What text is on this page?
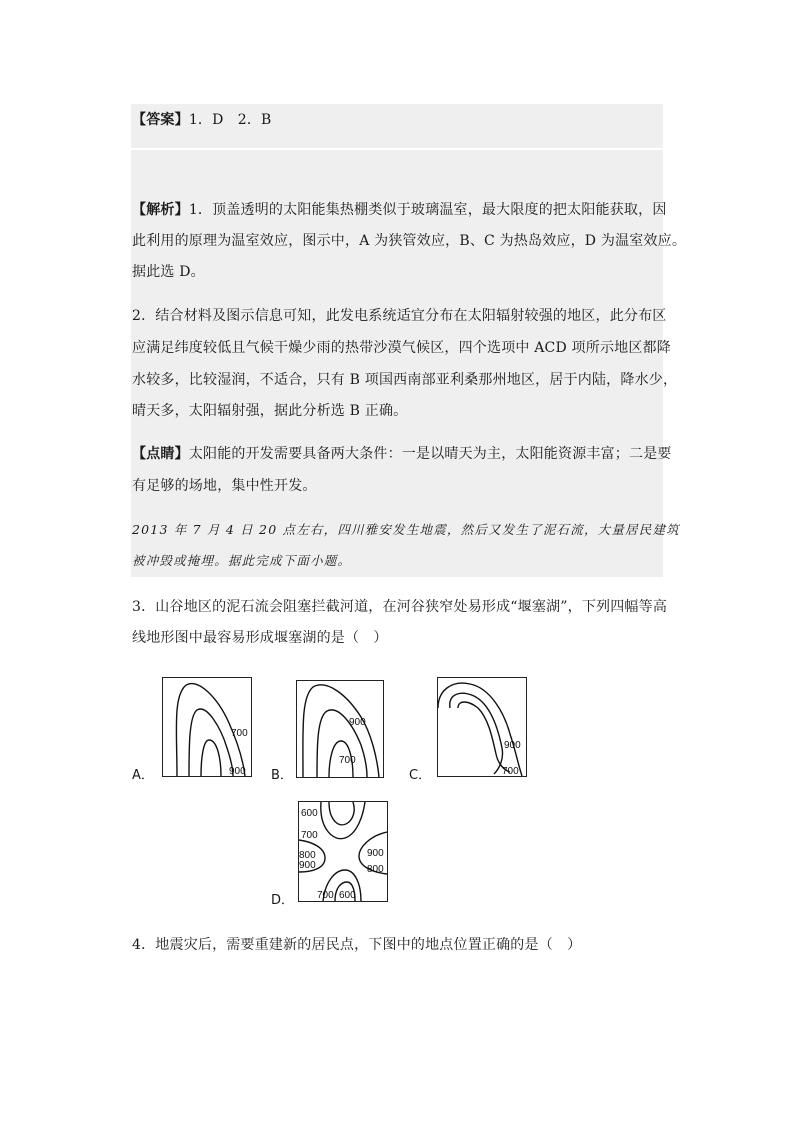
【答案】1．D　2．B
【解析】1．顶盖透明的太阳能集热棚类似于玻璃温室，最大限度的把太阳能获取，因
此利用的原理为温室效应，图示中，A 为狭管效应，B、C 为热岛效应，D 为温室效应。
据此选 D。
2．结合材料及图示信息可知，此发电系统适宜分布在太阳辐射较强的地区，此分布区
应满足纬度较低且气候干燥少雨的热带沙漠气候区，四个选项中 ACD 项所示地区都降
水较多，比较湿润，不适合，只有 B 项国西南部亚利桑那州地区，居于内陆，降水少，
晴天多，太阳辐射强，据此分析选 B 正确。
【点睛】太阳能的开发需要具备两大条件：一是以晴天为主，太阳能资源丰富；二是要
有足够的场地，集中性开发。
2013 年 7 月 4 日 20 点左右，四川雅安发生地震，然后又发生了泥石流，大量居民建筑
被冲毁或掩埋。据此完成下面小题。
3．山谷地区的泥石流会阻塞拦截河道，在河谷狭窄处易形成“堰塞湖”，下列四幅等高
线地形图中最容易形成堰塞湖的是（　）
A．
700
900 B．
900
700
C．
900
700
D．
600
700
800
900
900
800
700 600
4．地震灾后，需要重建新的居民点，下图中的地点位置正确的是（　）
